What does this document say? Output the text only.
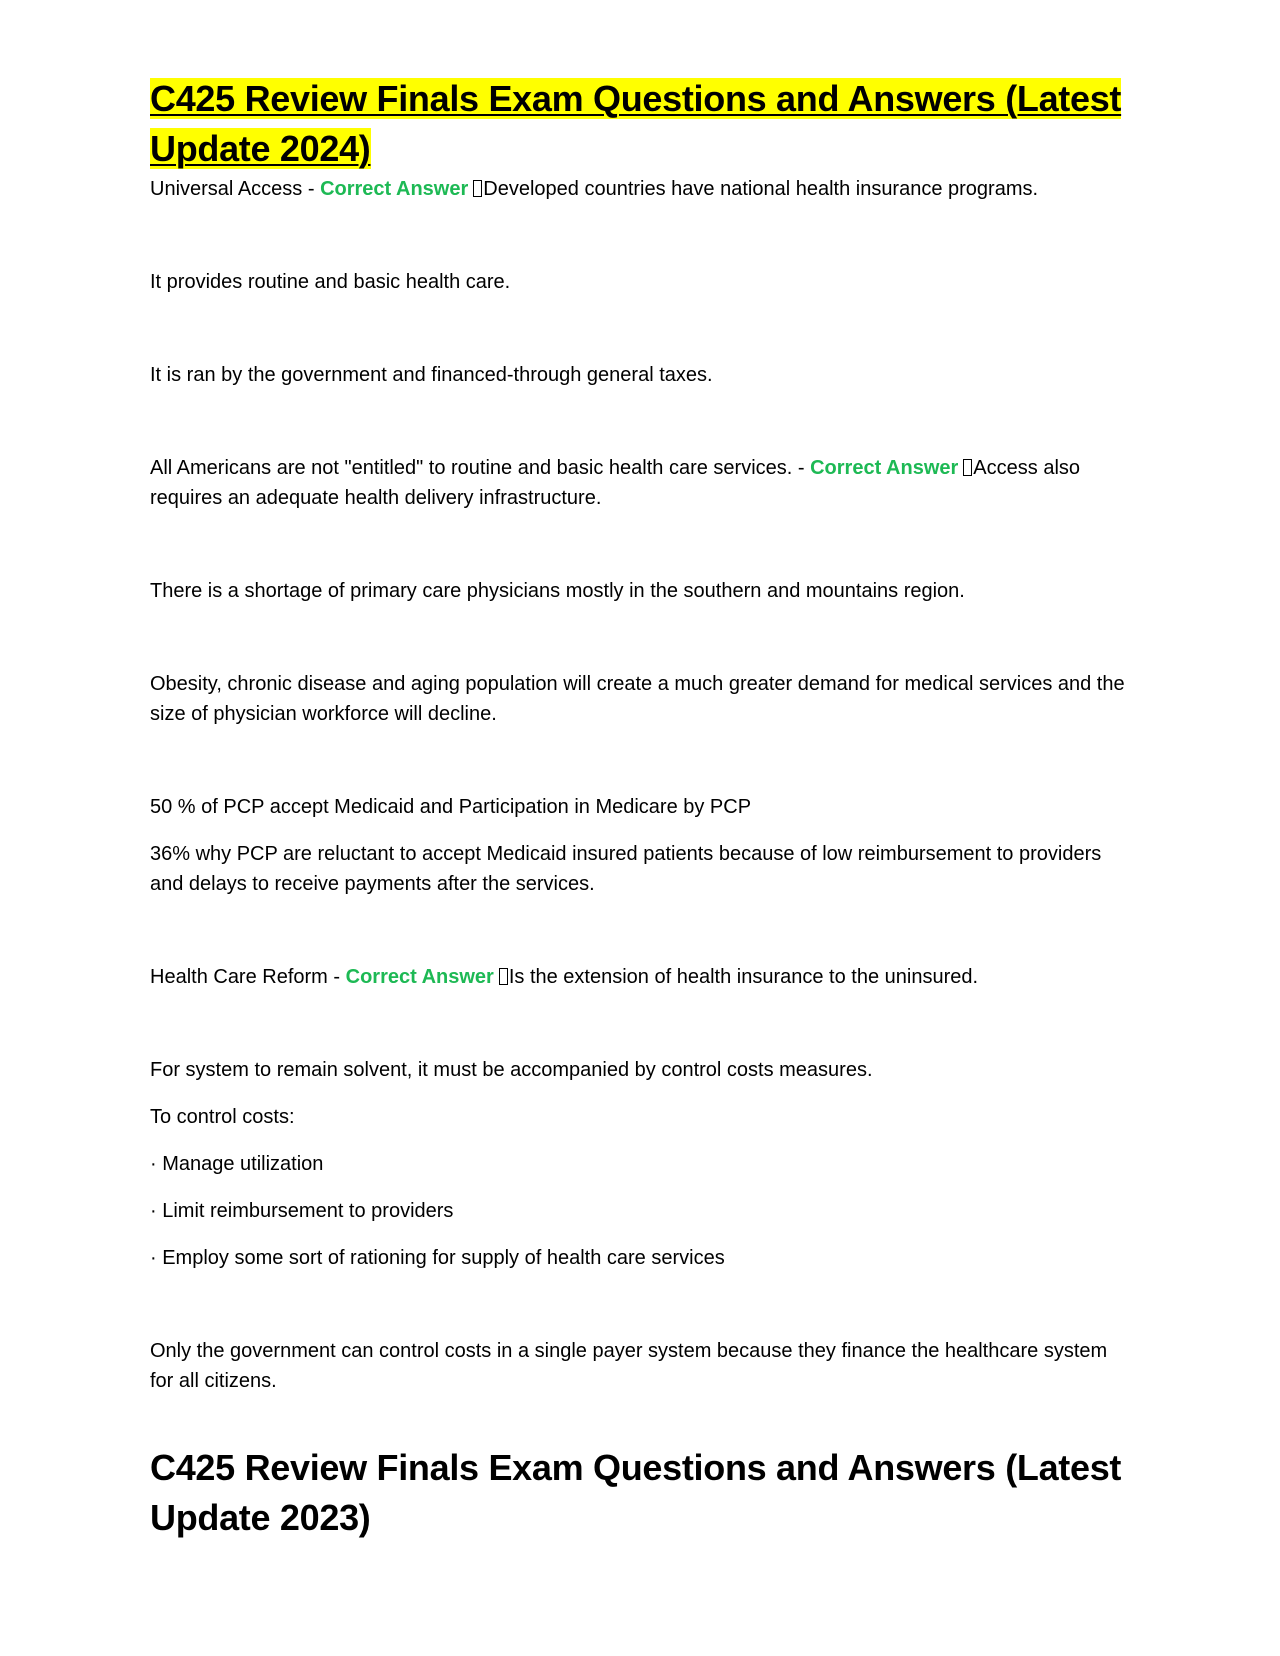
C425 Review Finals Exam Questions and Answers (Latest Update 2024)

Universal Access - Correct Answer Developed countries have national health insurance programs.

It provides routine and basic health care.

It is ran by the government and financed-through general taxes.

All Americans are not "entitled" to routine and basic health care services. - Correct Answer Access also requires an adequate health delivery infrastructure.

There is a shortage of primary care physicians mostly in the southern and mountains region.

Obesity, chronic disease and aging population will create a much greater demand for medical services and the size of physician workforce will decline.

50 % of PCP accept Medicaid and Participation in Medicare by PCP

36% why PCP are reluctant to accept Medicaid insured patients because of low reimbursement to providers and delays to receive payments after the services.

Health Care Reform - Correct Answer Is the extension of health insurance to the uninsured.

For system to remain solvent, it must be accompanied by control costs measures.

To control costs:

· Manage utilization

· Limit reimbursement to providers

· Employ some sort of rationing for supply of health care services

Only the government can control costs in a single payer system because they finance the healthcare system for all citizens.

C425 Review Finals Exam Questions and Answers (Latest Update 2023)
